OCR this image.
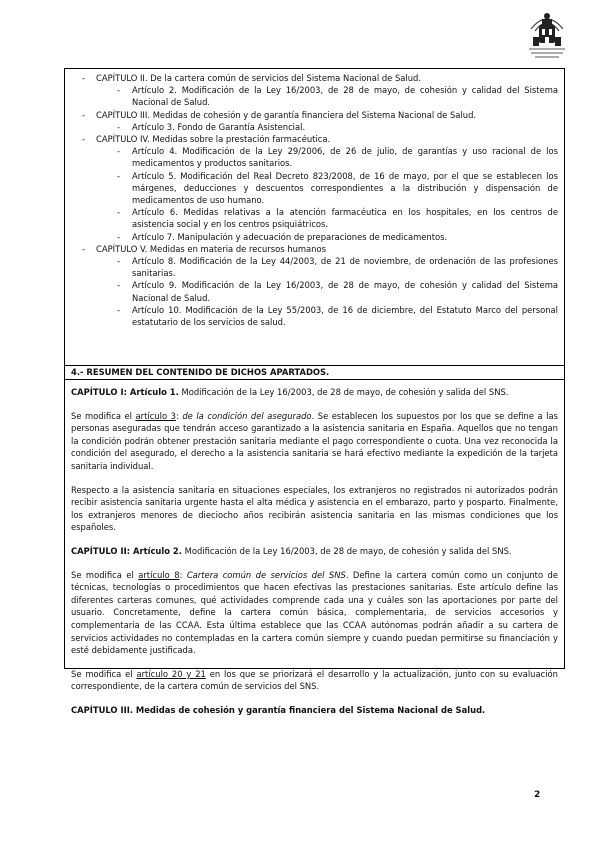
- CAPÍTULO II. De la cartera común de servicios del Sistema Nacional de Salud.
- Artículo 2. Modificación de la Ley 16/2003, de 28 de mayo, de cohesión y calidad del Sistema Nacional de Salud.
- CAPÍTULO III. Medidas de cohesión y de garantía financiera del Sistema Nacional de Salud.
- Artículo 3. Fondo de Garantía Asistencial.
- CAPÍTULO IV. Medidas sobre la prestación farmacéutica.
- Artículo 4. Modificación de la Ley 29/2006, de 26 de julio, de garantías y uso racional de los medicamentos y productos sanitarios.
- Artículo 5. Modificación del Real Decreto 823/2008, de 16 de mayo, por el que se establecen los márgenes, deducciones y descuentos correspondientes a la distribución y dispensación de medicamentos de uso humano.
- Artículo 6. Medidas relativas a la atención farmacéutica en los hospitales, en los centros de asistencia social y en los centros psiquiátricos.
- Artículo 7. Manipulación y adecuación de preparaciones de medicamentos.
- CAPÍTULO V. Medidas en materia de recursos humanos
- Artículo 8. Modificación de la Ley 44/2003, de 21 de noviembre, de ordenación de las profesiones sanitarias.
- Artículo 9. Modificación de la Ley 16/2003, de 28 de mayo, de cohesión y calidad del Sistema Nacional de Salud.
- Artículo 10. Modificación de la Ley 55/2003, de 16 de diciembre, del Estatuto Marco del personal estatutario de los servicios de salud.
4.- RESUMEN DEL CONTENIDO DE DICHOS APARTADOS.

CAPÍTULO I: Artículo 1. Modificación de la Ley 16/2003, de 28 de mayo, de cohesión y salida del SNS.

Se modifica el artículo 3: de la condición del asegurado. Se establecen los supuestos por los que se define a las personas aseguradas que tendrán acceso garantizado a la asistencia sanitaria en España. Aquellos que no tengan la condición podrán obtener prestación sanitaria mediante el pago correspondiente o cuota. Una vez reconocida la condición del asegurado, el derecho a la asistencia sanitaria se hará efectivo mediante la expedición de la tarjeta sanitaria individual.

Respecto a la asistencia sanitaria en situaciones especiales, los extranjeros no registrados ni autorizados podrán recibir asistencia sanitaria urgente hasta el alta médica y asistencia en el embarazo, parto y posparto. Finalmente, los extranjeros menores de dieciocho años recibirán asistencia sanitaria en las mismas condiciones que los españoles.

CAPÍTULO II: Artículo 2. Modificación de la Ley 16/2003, de 28 de mayo, de cohesión y salida del SNS.

Se modifica el artículo 8: Cartera común de servicios del SNS. Define la cartera común como un conjunto de técnicas, tecnologías o procedimientos que hacen efectivas las prestaciones sanitarias. Este artículo define las diferentes carteras comunes, qué actividades comprende cada una y cuáles son las aportaciones por parte del usuario. Concretamente, define la cartera común básica, complementaria, de servicios accesorios y complementaria de las CCAA. Esta última establece que las CCAA autónomas podrán añadir a su cartera de servicios actividades no contempladas en la cartera común siempre y cuando puedan permitirse su financiación y esté debidamente justificada.

Se modifica el artículo 20 y 21 en los que se priorizará el desarrollo y la actualización, junto con su evaluación correspondiente, de la cartera común de servicios del SNS.

CAPÍTULO III. Medidas de cohesión y garantía financiera del Sistema Nacional de Salud.

2
